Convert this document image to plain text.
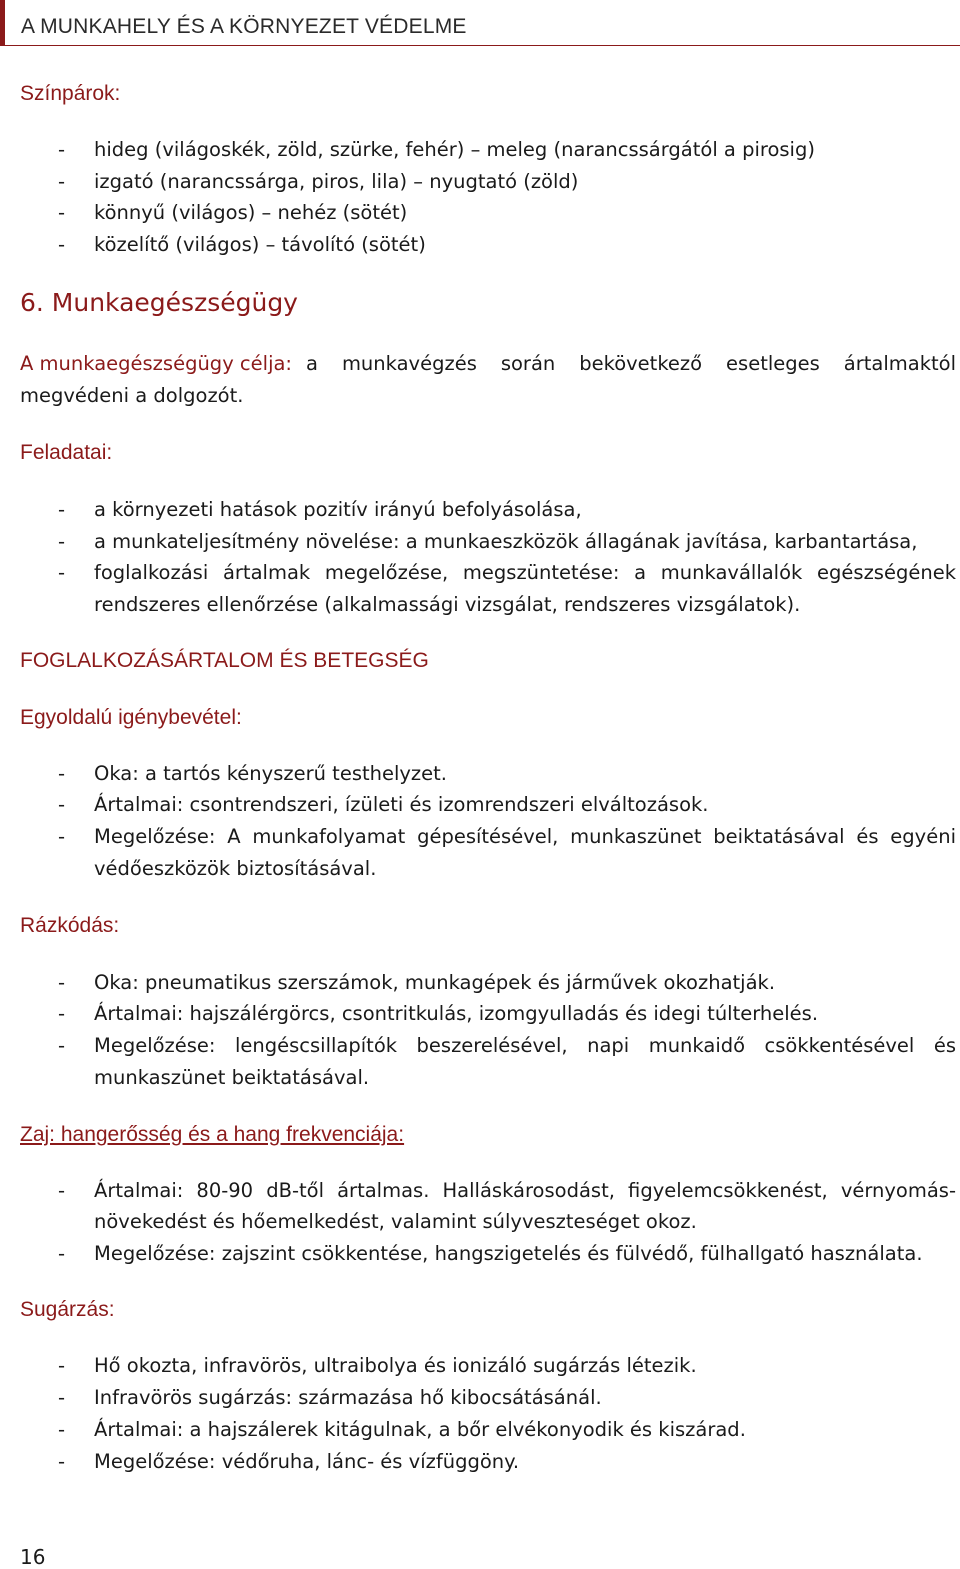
A MUNKAHELY ÉS A KÖRNYEZET VÉDELME
Színpárok:
- hideg (világoskék, zöld, szürke, fehér) – meleg (narancssárgától a pirosig)
- izgató (narancssárga, piros, lila) – nyugtató (zöld)
- könnyű (világos) – nehéz (sötét)
- közelítő (világos) – távolító (sötét)
6. Munkaegészségügy
A munkaegészségügy célja: a munkavégzés során bekövetkező esetleges ártalmaktól
megvédeni a dolgozót.
Feladatai:
- a környezeti hatások pozitív irányú befolyásolása,
- a munkateljesítmény növelése: a munkaeszközök állagának javítása, karbantartása,
- foglalkozási ártalmak megelőzése, megszüntetése: a munkavállalók egészségének
rendszeres ellenőrzése (alkalmassági vizsgálat, rendszeres vizsgálatok).
FOGLALKOZÁSÁRTALOM ÉS BETEGSÉG
Egyoldalú igénybevétel:
- Oka: a tartós kényszerű testhelyzet.
- Ártalmai: csontrendszeri, ízületi és izomrendszeri elváltozások.
- Megelőzése: A munkafolyamat gépesítésével, munkaszünet beiktatásával és egyéni
védőeszközök biztosításával.
Rázkódás:
- Oka: pneumatikus szerszámok, munkagépek és járművek okozhatják.
- Ártalmai: hajszálérgörcs, csontritkulás, izomgyulladás és idegi túlterhelés.
- Megelőzése: lengéscsillapítók beszerelésével, napi munkaidő csökkentésével és
munkaszünet beiktatásával.
Zaj: hangerősség és a hang frekvenciája:
- Ártalmai: 80-90 dB-től ártalmas. Halláskárosodást, figyelemcsökkenést, vérnyomás-
növekedést és hőemelkedést, valamint súlyveszteséget okoz.
- Megelőzése: zajszint csökkentése, hangszigetelés és fülvédő, fülhallgató használata.
Sugárzás:
- Hő okozta, infravörös, ultraibolya és ionizáló sugárzás létezik.
- Infravörös sugárzás: származása hő kibocsátásánál.
- Ártalmai: a hajszálerek kitágulnak, a bőr elvékonyodik és kiszárad.
- Megelőzése: védőruha, lánc- és vízfüggöny.
16
